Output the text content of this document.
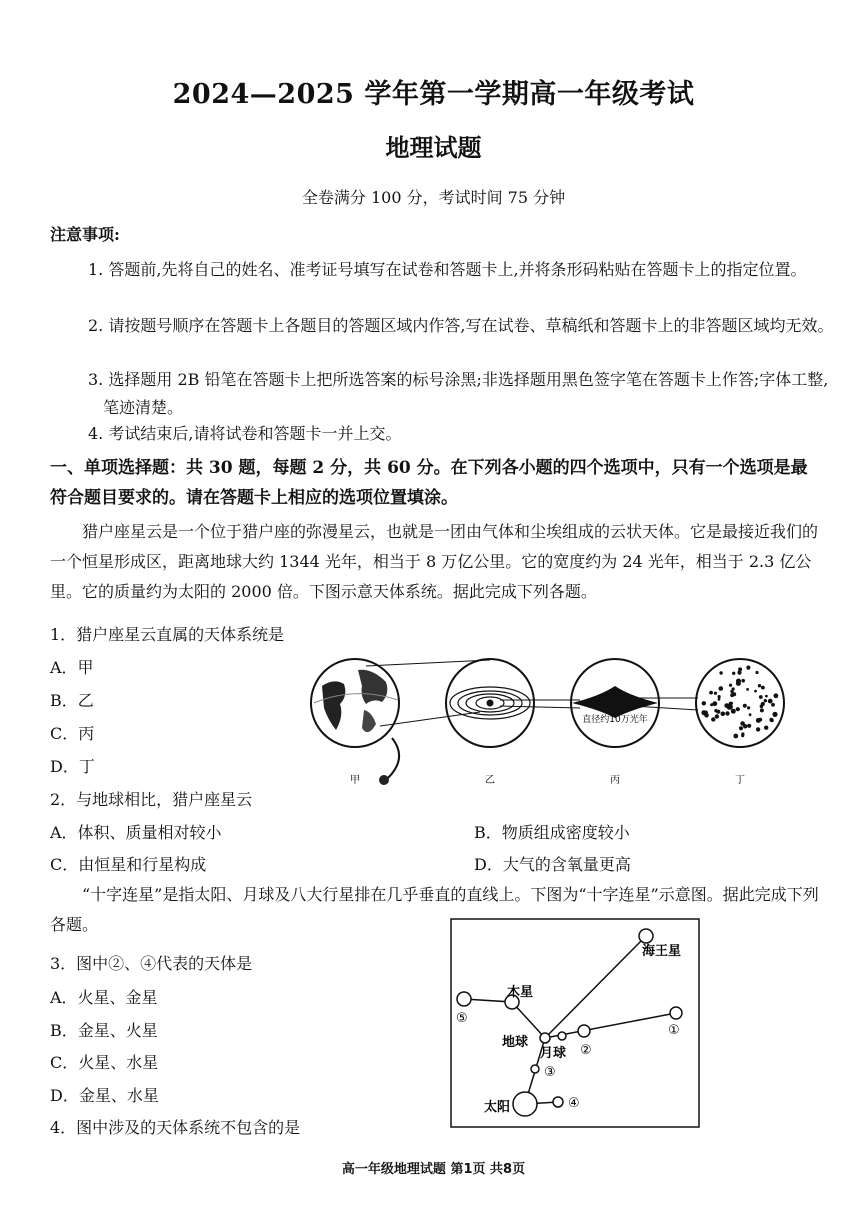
2024—2025 学年第一学期高一年级考试
地理试题
全卷满分 100 分，考试时间 75 分钟
注意事项:
1. 答题前,先将自己的姓名、准考证号填写在试卷和答题卡上,并将条形码粘贴在答题卡上的指定位置。
2. 请按题号顺序在答题卡上各题目的答题区域内作答,写在试卷、草稿纸和答题卡上的非答题区域均无效。
3. 选择题用 2B 铅笔在答题卡上把所选答案的标号涂黑;非选择题用黑色签字笔在答题卡上作答;字体工整,笔迹清楚。
4. 考试结束后,请将试卷和答题卡一并上交。
一、单项选择题：共 30 题，每题 2 分，共 60 分。在下列各小题的四个选项中，只有一个选项是最符合题目要求的。请在答题卡上相应的选项位置填涂。
猎户座星云是一个位于猎户座的弥漫星云，也就是一团由气体和尘埃组成的云状天体。它是最接近我们的一个恒星形成区，距离地球大约 1344 光年，相当于 8 万亿公里。它的宽度约为 24 光年，相当于 2.3 亿公里。它的质量约为太阳的 2000 倍。下图示意天体系统。据此完成下列各题。
1．猎户座星云直属的天体系统是
A．甲
B．乙
C．丙
D．丁
直径约10万光年
甲	乙	丙	丁
2．与地球相比，猎户座星云
A．体积、质量相对较小	B．物质组成密度较小
C．由恒星和行星构成	D．大气的含氧量更高
“十字连星”是指太阳、月球及八大行星排在几乎垂直的直线上。下图为“十字连星”示意图。据此完成下列各题。
3．图中②、④代表的天体是
A．火星、金星
B．金星、火星
C．火星、水星
D．金星、水星
4．图中涉及的天体系统不包含的是
海王星
木星
地球
月球
太阳
①
②
③
④
⑤
高一年级地理试题 第1页 共8页
